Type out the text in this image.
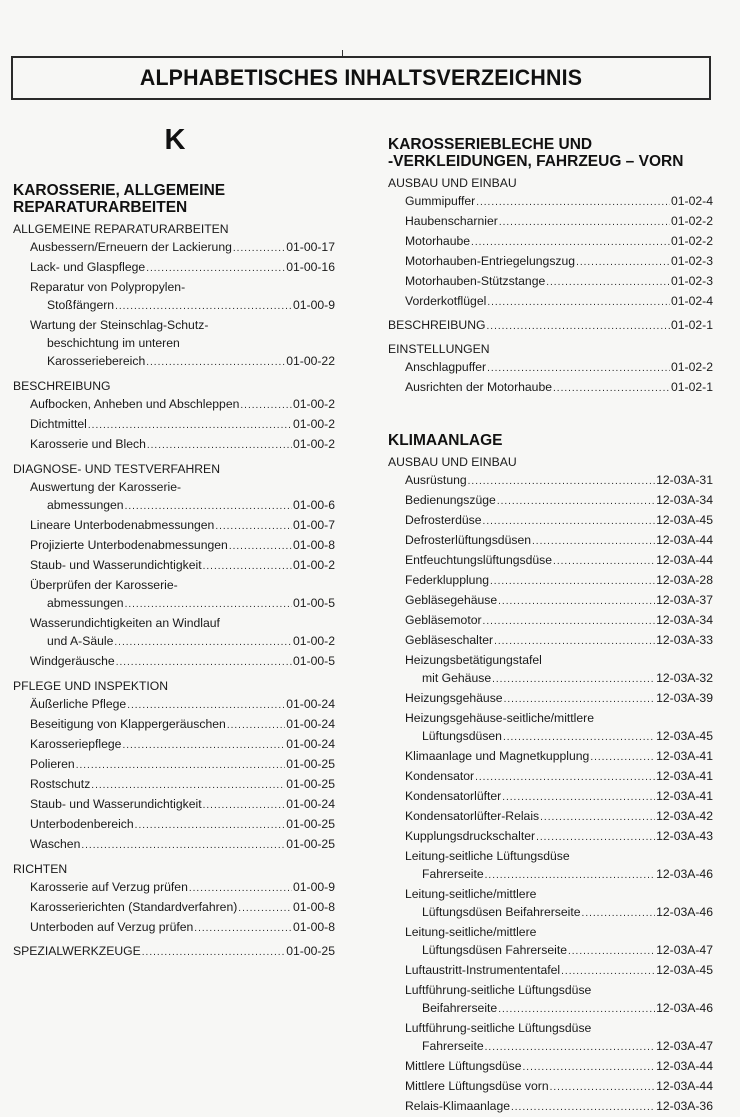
ALPHABETISCHES INHALTSVERZEICHNIS
K
KAROSSERIE, ALLGEMEINE
REPARATURARBEITEN
ALLGEMEINE REPARATURARBEITEN
Ausbessern/Erneuern der Lackierung .....	01-00-17
Lack- und Glaspflege .....	01-00-16
Reparatur von Polypropylen-
Stoßfängern .....	01-00-9
Wartung der Steinschlag-Schutz-
beschichtung im unteren
Karosseriebereich .....	01-00-22
BESCHREIBUNG
Aufbocken, Anheben und Abschleppen .....	01-00-2
Dichtmittel .....	01-00-2
Karosserie und Blech .....	01-00-2
DIAGNOSE- UND TESTVERFAHREN
Auswertung der Karosserie-
abmessungen .....	01-00-6
Lineare Unterbodenabmessungen .....	01-00-7
Projizierte Unterbodenabmessungen .....	01-00-8
Staub- und Wasserundichtigkeit .....	01-00-2
Überprüfen der Karosserie-
abmessungen .....	01-00-5
Wasserundichtigkeiten an Windlauf
und A-Säule .....	01-00-2
Windgeräusche .....	01-00-5
PFLEGE UND INSPEKTION
Äußerliche Pflege .....	01-00-24
Beseitigung von Klappergeräuschen .....	01-00-24
Karosseriepflege .....	01-00-24
Polieren .....	01-00-25
Rostschutz .....	01-00-25
Staub- und Wasserundichtigkeit .....	01-00-24
Unterbodenbereich .....	01-00-25
Waschen .....	01-00-25
RICHTEN
Karosserie auf Verzug prüfen .....	01-00-9
Karosserierichten (Standardverfahren) .....	01-00-8
Unterboden auf Verzug prüfen .....	01-00-8
SPEZIALWERKZEUGE .....	01-00-25
KAROSSERIEBLECHE UND
-VERKLEIDUNGEN, FAHRZEUG – VORN
AUSBAU UND EINBAU
Gummipuffer .....	01-02-4
Haubenscharnier .....	01-02-2
Motorhaube .....	01-02-2
Motorhauben-Entriegelungszug .....	01-02-3
Motorhauben-Stützstange .....	01-02-3
Vorderkotflügel .....	01-02-4
BESCHREIBUNG .....	01-02-1
EINSTELLUNGEN
Anschlagpuffer .....	01-02-2
Ausrichten der Motorhaube .....	01-02-1
KLIMAANLAGE
AUSBAU UND EINBAU
Ausrüstung .....	12-03A-31
Bedienungszüge .....	12-03A-34
Defrosterdüse .....	12-03A-45
Defrosterlüftungsdüsen .....	12-03A-44
Entfeuchtungslüftungsdüse .....	12-03A-44
Federklupplung .....	12-03A-28
Gebläsegehäuse .....	12-03A-37
Gebläsemotor .....	12-03A-34
Gebläseschalter .....	12-03A-33
Heizungsbetätigungstafel
mit Gehäuse .....	12-03A-32
Heizungsgehäuse .....	12-03A-39
Heizungsgehäuse-seitliche/mittlere
Lüftungsdüsen .....	12-03A-45
Klimaanlage und Magnetkupplung .....	12-03A-41
Kondensator .....	12-03A-41
Kondensatorlüfter .....	12-03A-41
Kondensatorlüfter-Relais .....	12-03A-42
Kupplungsdruckschalter .....	12-03A-43
Leitung-seitliche Lüftungsdüse
Fahrerseite .....	12-03A-46
Leitung-seitliche/mittlere
Lüftungsdüsen Beifahrerseite .....	12-03A-46
Leitung-seitliche/mittlere
Lüftungsdüsen Fahrerseite .....	12-03A-47
Luftaustritt-Instrumententafel .....	12-03A-45
Luftführung-seitliche Lüftungsdüse
Beifahrerseite .....	12-03A-46
Luftführung-seitliche Lüftungsdüse
Fahrerseite .....	12-03A-47
Mittlere Lüftungsdüse .....	12-03A-44
Mittlere Lüftungsdüse vorn .....	12-03A-44
Relais-Klimaanlage .....	12-03A-36
